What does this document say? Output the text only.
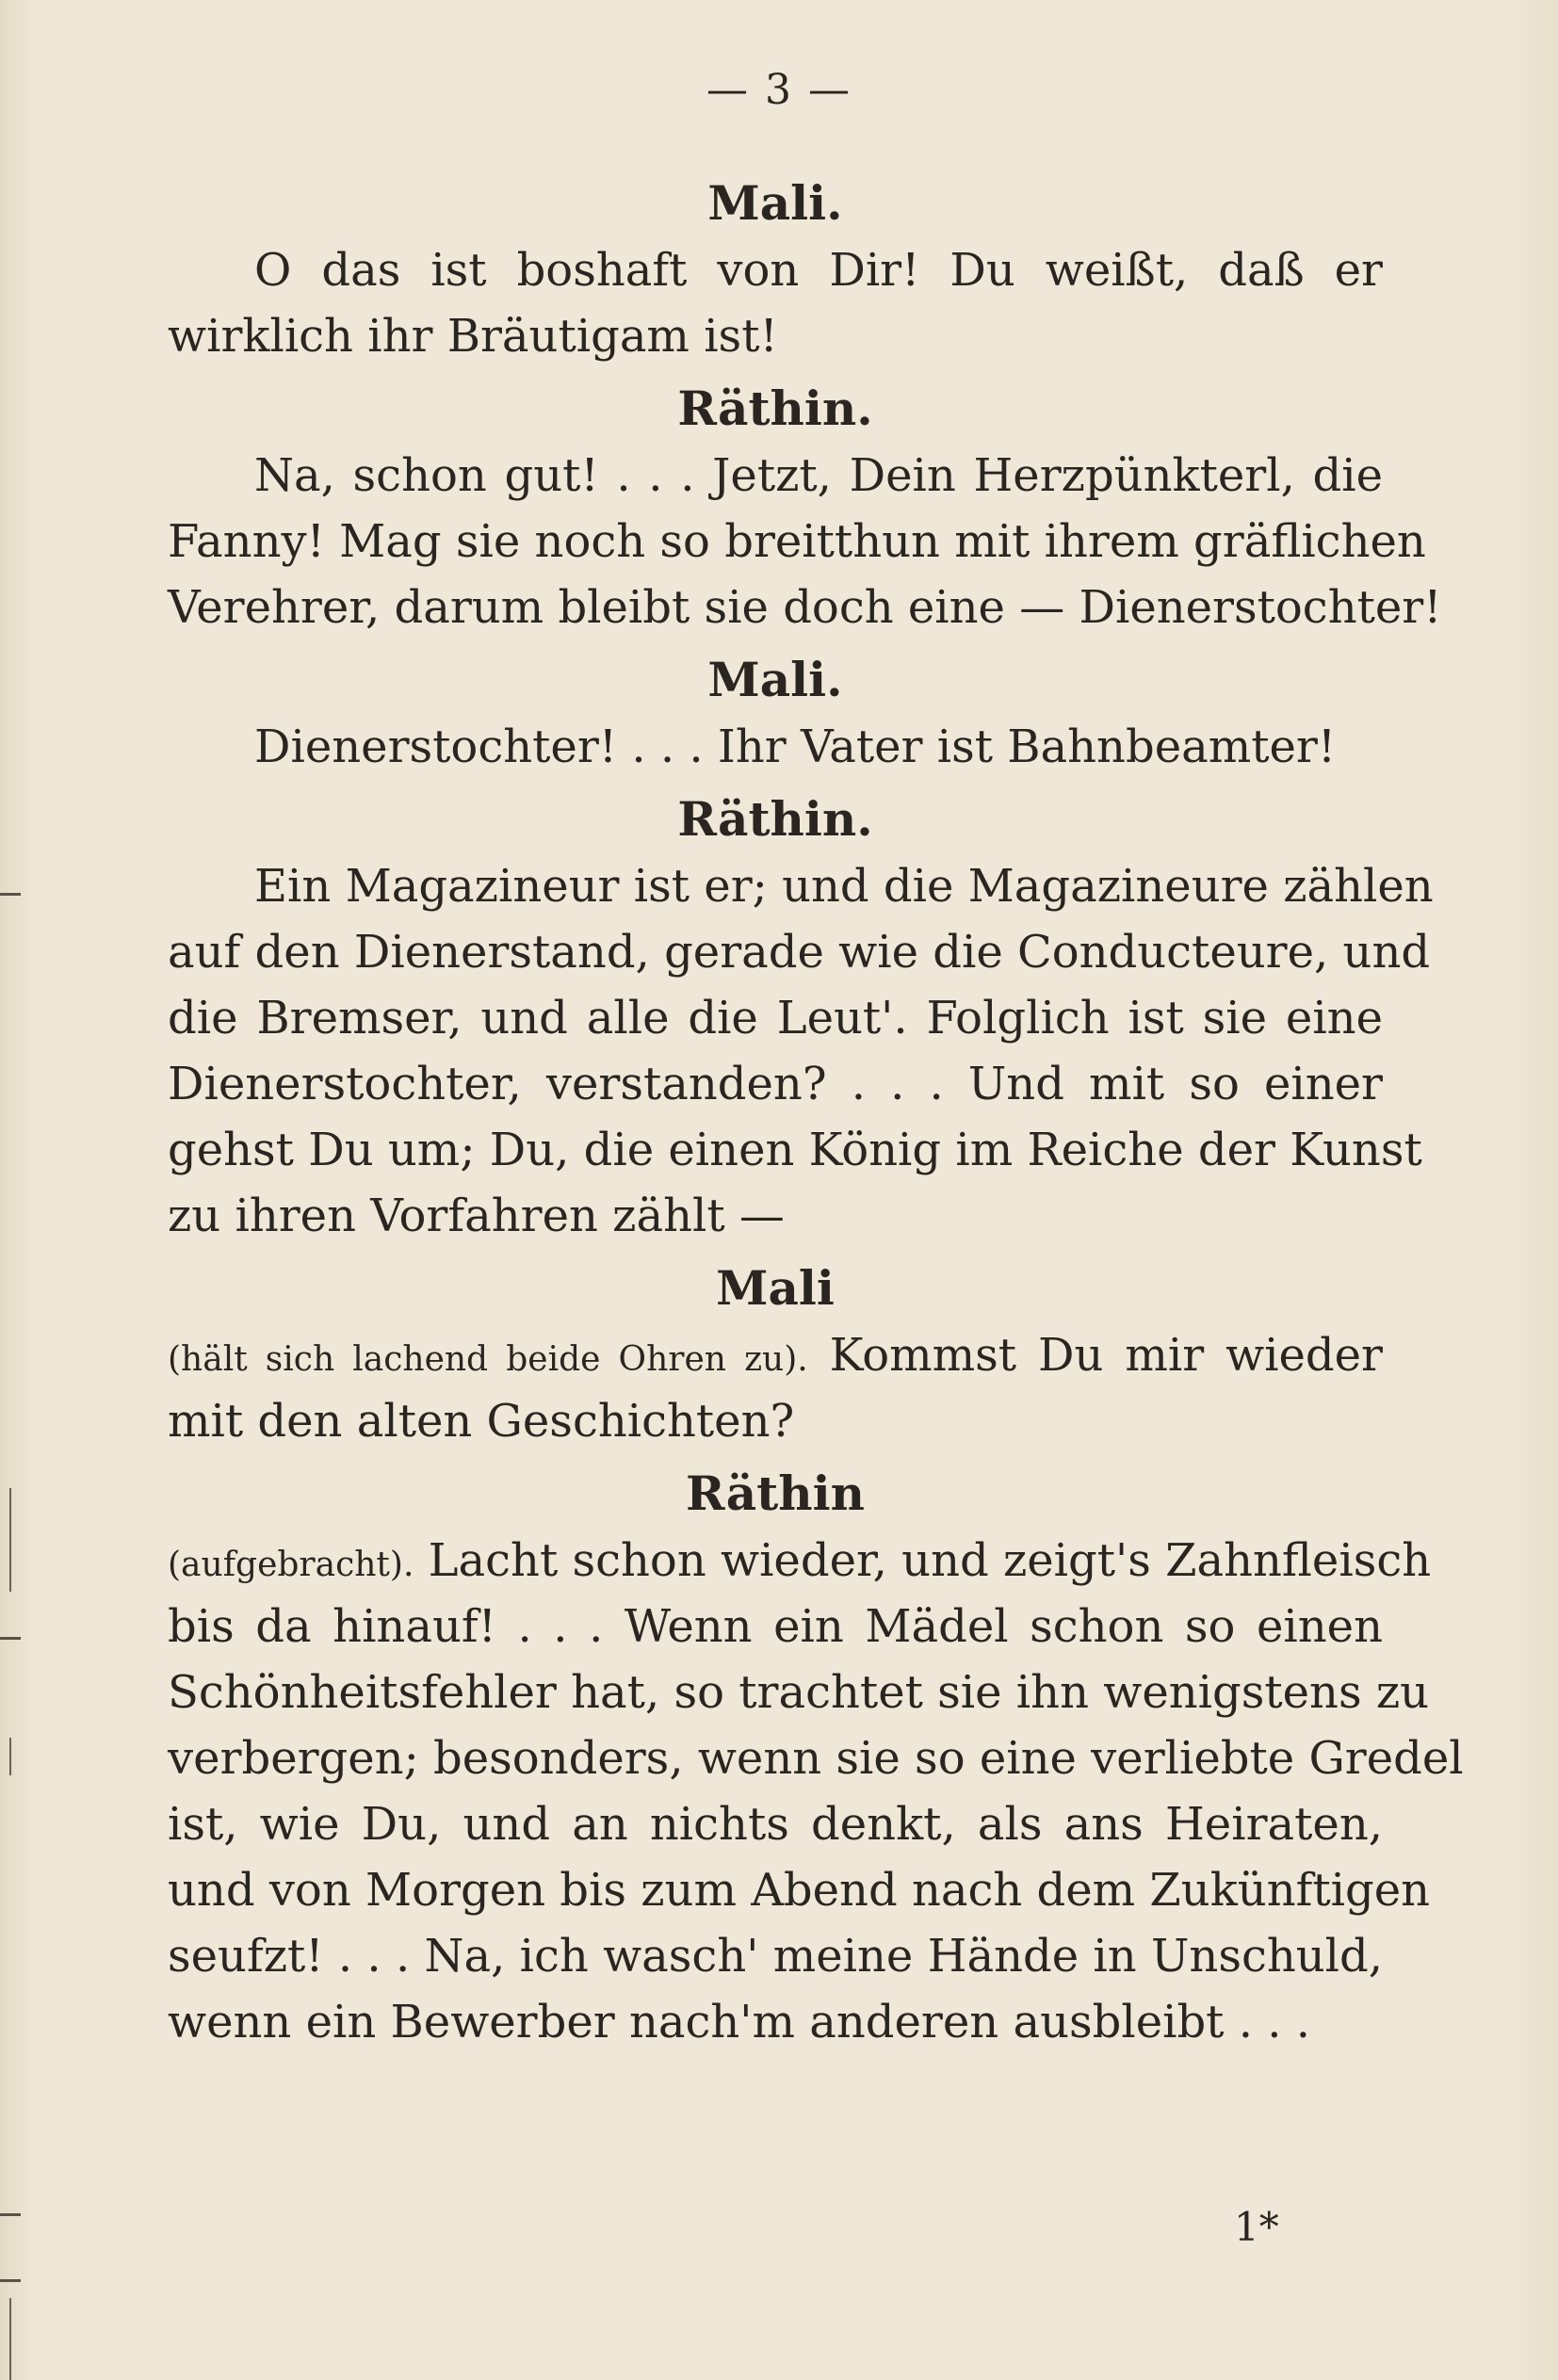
— 3 —

Mali.

O das ist boshaft von Dir! Du weißt, daß er
wirklich ihr Bräutigam ist!

Räthin.

Na, schon gut! . . . Jetzt, Dein Herzpünkterl, die
Fanny! Mag sie noch so breitthun mit ihrem gräflichen
Verehrer, darum bleibt sie doch eine — Dienerstochter!

Mali.

Dienerstochter! . . . Ihr Vater ist Bahnbeamter!

Räthin.

Ein Magazineur ist er; und die Magazineure zählen
auf den Dienerstand, gerade wie die Conducteure, und
die Bremser, und alle die Leut'. Folglich ist sie eine
Dienerstochter, verstanden? . . . Und mit so einer
gehst Du um; Du, die einen König im Reiche der Kunst
zu ihren Vorfahren zählt —

Mali

(hält sich lachend beide Ohren zu). Kommst Du mir wieder
mit den alten Geschichten?

Räthin

(aufgebracht). Lacht schon wieder, und zeigt's Zahnfleisch
bis da hinauf! . . . Wenn ein Mädel schon so einen
Schönheitsfehler hat, so trachtet sie ihn wenigstens zu
verbergen; besonders, wenn sie so eine verliebte Gredel
ist, wie Du, und an nichts denkt, als ans Heiraten,
und von Morgen bis zum Abend nach dem Zukünftigen
seufzt! . . . Na, ich wasch' meine Hände in Unschuld,
wenn ein Bewerber nach'm anderen ausbleibt . . .
1*
